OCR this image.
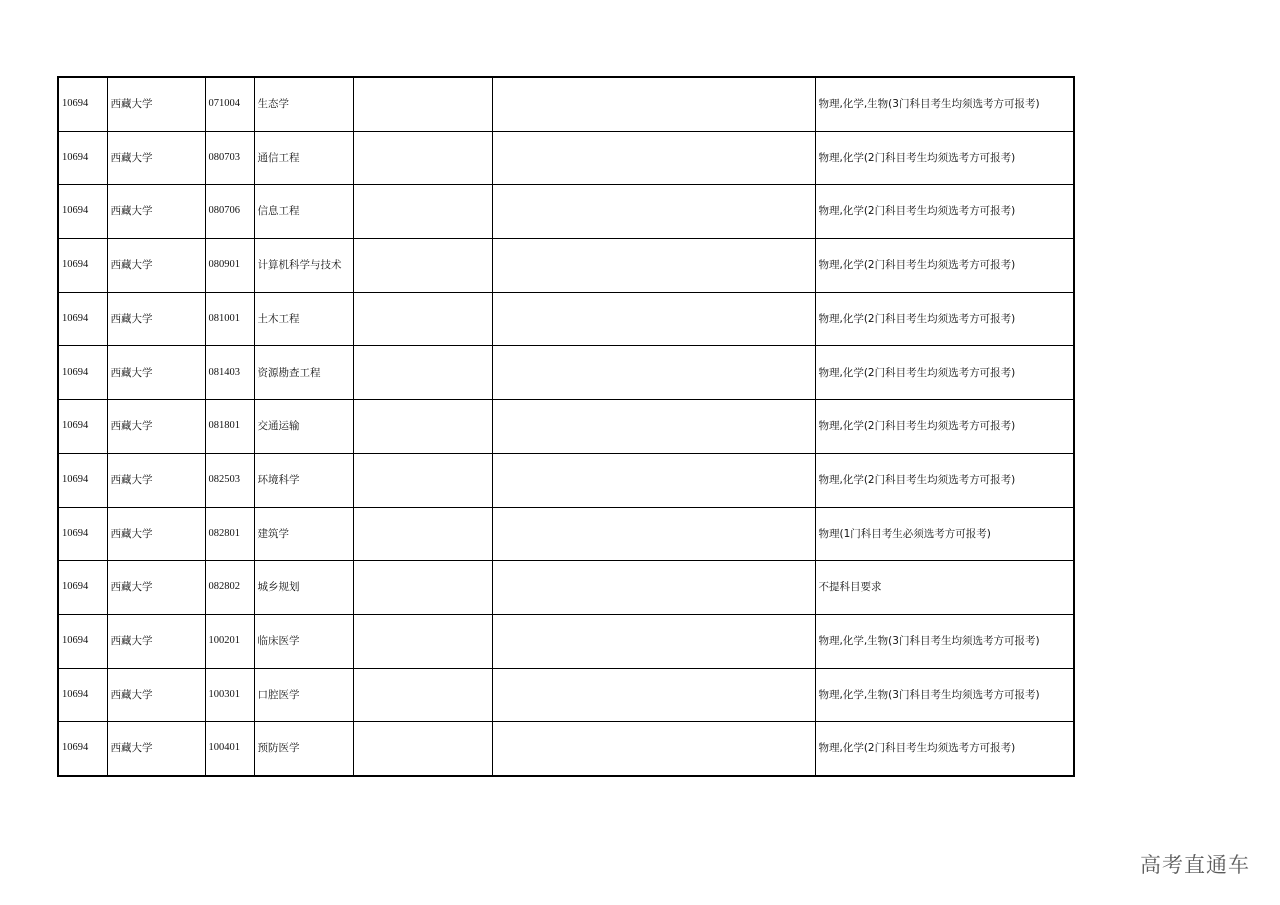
10694	西藏大学	071004	生态学			物理,化学,生物(3门科目考生均须选考方可报考)
10694	西藏大学	080703	通信工程			物理,化学(2门科目考生均须选考方可报考)
10694	西藏大学	080706	信息工程			物理,化学(2门科目考生均须选考方可报考)
10694	西藏大学	080901	计算机科学与技术			物理,化学(2门科目考生均须选考方可报考)
10694	西藏大学	081001	土木工程			物理,化学(2门科目考生均须选考方可报考)
10694	西藏大学	081403	资源勘查工程			物理,化学(2门科目考生均须选考方可报考)
10694	西藏大学	081801	交通运输			物理,化学(2门科目考生均须选考方可报考)
10694	西藏大学	082503	环境科学			物理,化学(2门科目考生均须选考方可报考)
10694	西藏大学	082801	建筑学			物理(1门科目考生必须选考方可报考)
10694	西藏大学	082802	城乡规划			不提科目要求
10694	西藏大学	100201	临床医学			物理,化学,生物(3门科目考生均须选考方可报考)
10694	西藏大学	100301	口腔医学			物理,化学,生物(3门科目考生均须选考方可报考)
10694	西藏大学	100401	预防医学			物理,化学(2门科目考生均须选考方可报考)
高考直通车
